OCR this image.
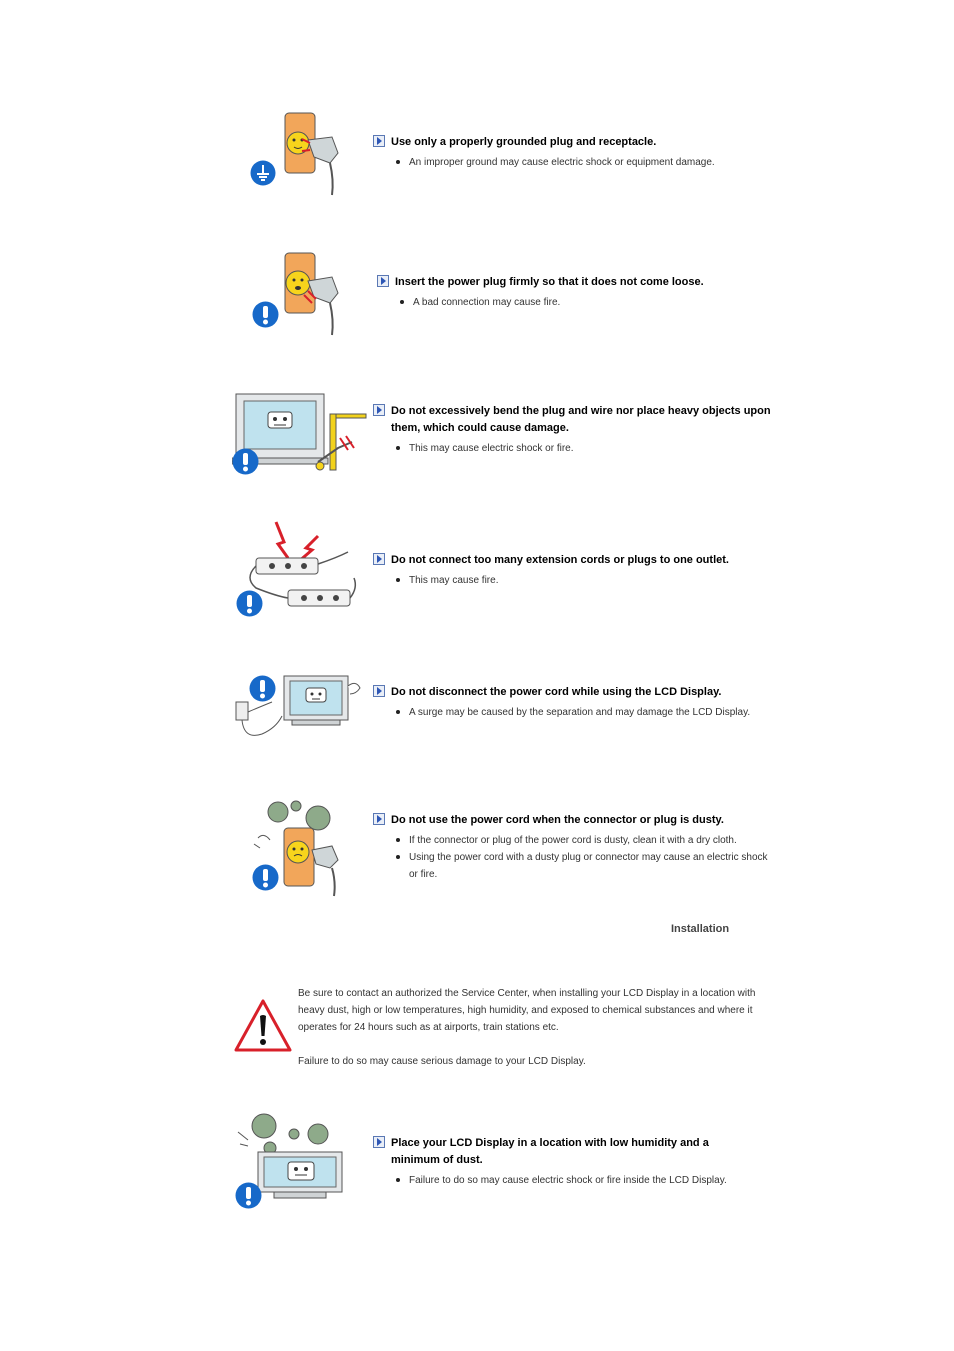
Use only a properly grounded plug and receptacle.
An improper ground may cause electric shock or equipment damage.
Insert the power plug firmly so that it does not come loose.
A bad connection may cause fire.
Do not excessively bend the plug and wire nor place heavy objects upon them, which could cause damage.
This may cause electric shock or fire.
Do not connect too many extension cords or plugs to one outlet.
This may cause fire.
Do not disconnect the power cord while using the LCD Display.
A surge may be caused by the separation and may damage the LCD Display.
Do not use the power cord when the connector or plug is dusty.
If the connector or plug of the power cord is dusty, clean it with a dry cloth.
Using the power cord with a dusty plug or connector may cause an electric shock or fire.
Installation
Be sure to contact an authorized the Service Center, when installing your LCD Display in a location with heavy dust, high or low temperatures, high humidity, and exposed to chemical substances and where it operates for 24 hours such as at airports, train stations etc.
Failure to do so may cause serious damage to your LCD Display.
Place your LCD Display in a location with low humidity and a minimum of dust.
Failure to do so may cause electric shock or fire inside the LCD Display.
